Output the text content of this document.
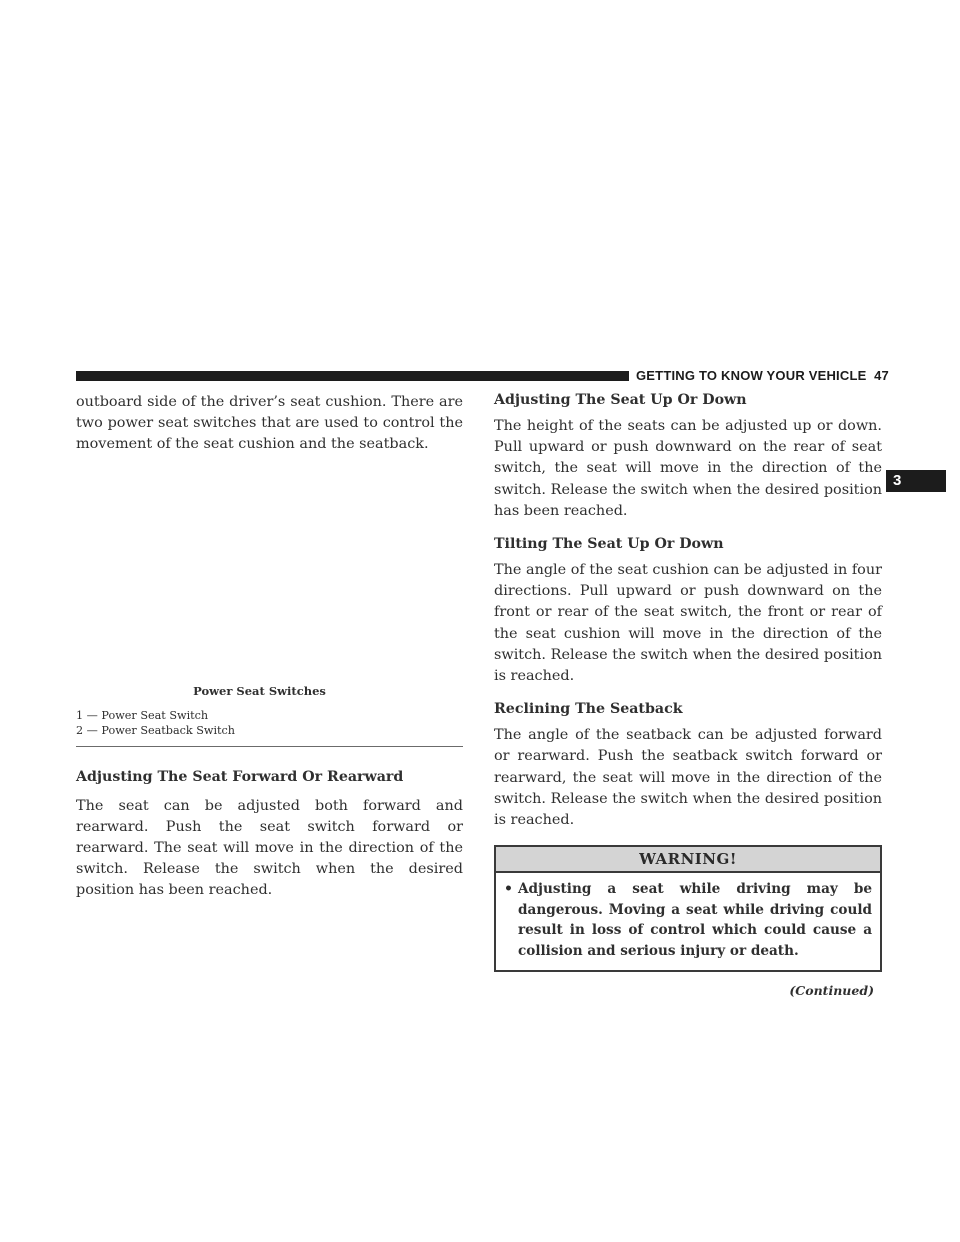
GETTING TO KNOW YOUR VEHICLE 47
3

outboard side of the driver’s seat cushion. There are two power seat switches that are used to control the movement of the seat cushion and the seatback.

Power Seat Switches
1 — Power Seat Switch
2 — Power Seatback Switch
Adjusting The Seat Forward Or Rearward

The seat can be adjusted both forward and rearward. Push the seat switch forward or rearward. The seat will move in the direction of the switch. Release the switch when the desired position has been reached.

Adjusting The Seat Up Or Down

The height of the seats can be adjusted up or down. Pull upward or push downward on the rear of seat switch, the seat will move in the direction of the switch. Release the switch when the desired position has been reached.

Tilting The Seat Up Or Down

The angle of the seat cushion can be adjusted in four directions. Pull upward or push downward on the front or rear of the seat switch, the front or rear of the seat cushion will move in the direction of the switch. Release the switch when the desired position is reached.

Reclining The Seatback

The angle of the seatback can be adjusted forward or rearward. Push the seatback switch forward or rearward, the seat will move in the direction of the switch. Release the switch when the desired position is reached.

WARNING!
• Adjusting a seat while driving may be dangerous. Moving a seat while driving could result in loss of control which could cause a collision and serious injury or death.
(Continued)
